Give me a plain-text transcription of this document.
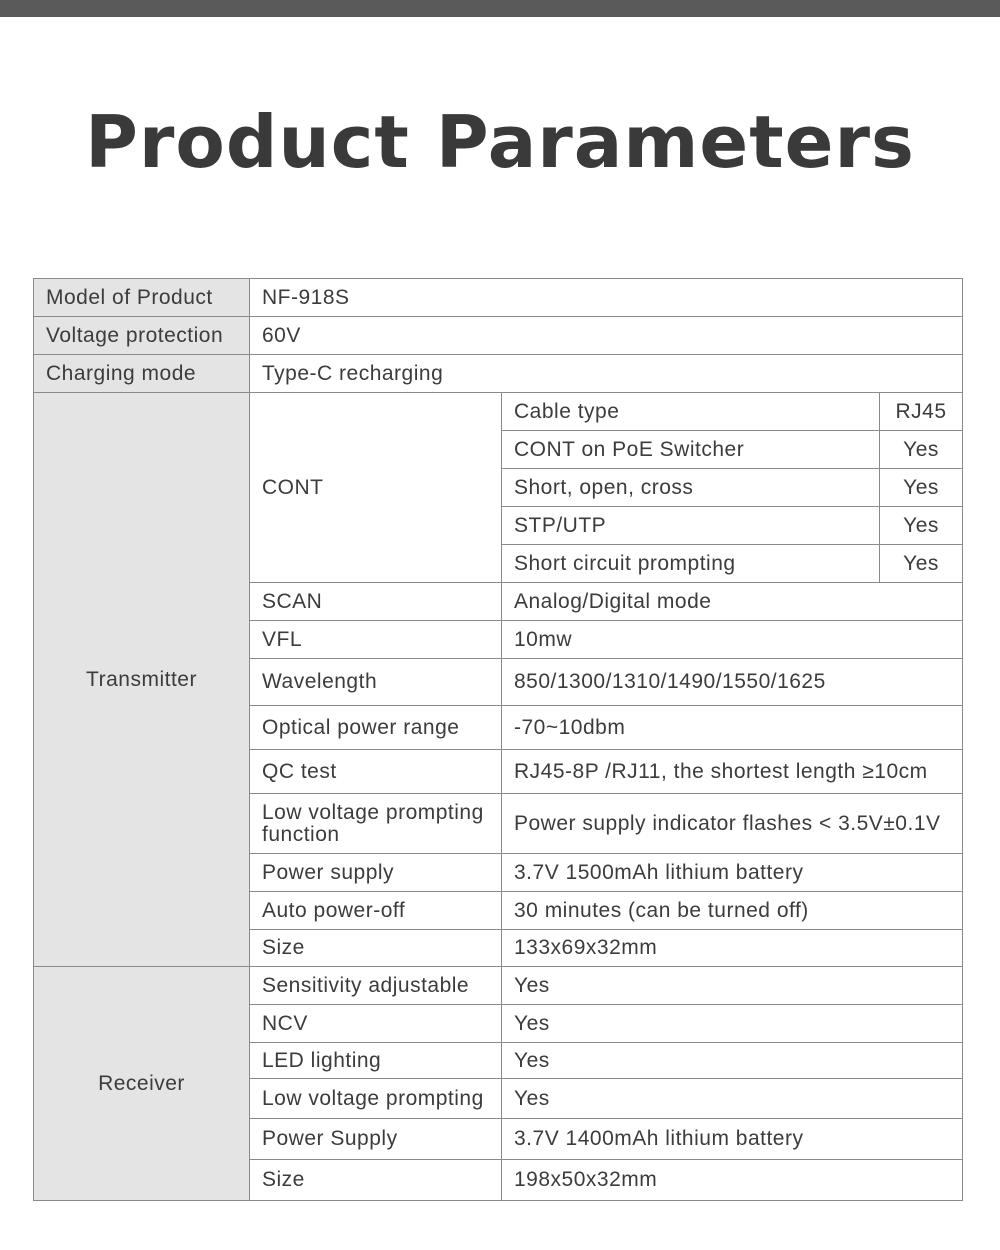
Product Parameters
Model of Product	NF-918S		
Voltage protection	60V		
Charging mode	Type-C recharging		
Transmitter	CONT	Cable type	RJ45
		CONT on PoE Switcher	Yes
		Short, open, cross	Yes
		STP/UTP	Yes
		Short circuit prompting	Yes
	SCAN	Analog/Digital mode	
	VFL	10mw	
	Wavelength	850/1300/1310/1490/1550/1625	
	Optical power range	-70~10dbm	
	QC test	RJ45-8P /RJ11, the shortest length ≥10cm	
	Low voltage prompting function	Power supply indicator flashes < 3.5V±0.1V	
	Power supply	3.7V 1500mAh lithium battery	
	Auto power-off	30 minutes (can be turned off)	
	Size	133x69x32mm	
Receiver	Sensitivity adjustable	Yes	
	NCV	Yes	
	LED lighting	Yes	
	Low voltage prompting	Yes	
	Power Supply	3.7V 1400mAh lithium battery	
	Size	198x50x32mm	
